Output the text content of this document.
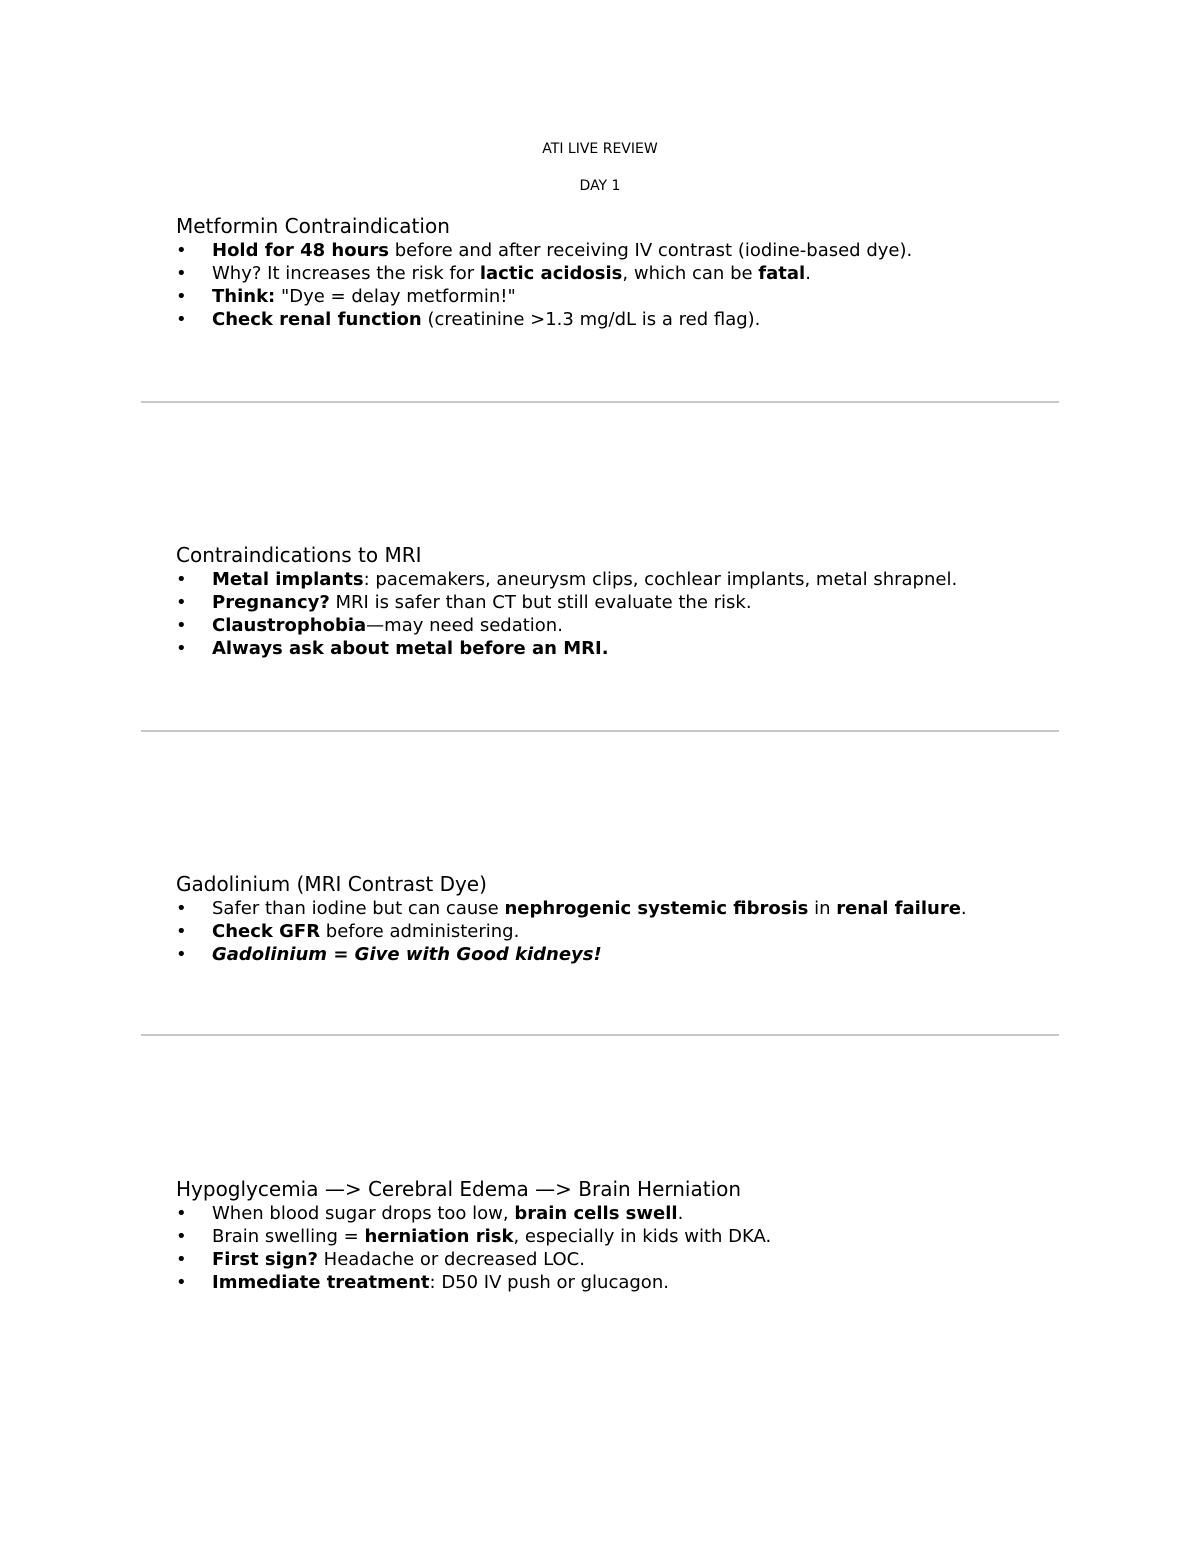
ATI LIVE REVIEW
DAY 1
Metformin Contraindication
• Hold for 48 hours before and after receiving IV contrast (iodine-based dye).
• Why? It increases the risk for lactic acidosis, which can be fatal.
• Think: "Dye = delay metformin!"
• Check renal function (creatinine >1.3 mg/dL is a red flag).
Contraindications to MRI
• Metal implants: pacemakers, aneurysm clips, cochlear implants, metal shrapnel.
• Pregnancy? MRI is safer than CT but still evaluate the risk.
• Claustrophobia—may need sedation.
• Always ask about metal before an MRI.
Gadolinium (MRI Contrast Dye)
• Safer than iodine but can cause nephrogenic systemic fibrosis in renal failure.
• Check GFR before administering.
• Gadolinium = Give with Good kidneys!
Hypoglycemia —> Cerebral Edema —> Brain Herniation
• When blood sugar drops too low, brain cells swell.
• Brain swelling = herniation risk, especially in kids with DKA.
• First sign? Headache or decreased LOC.
• Immediate treatment: D50 IV push or glucagon.
